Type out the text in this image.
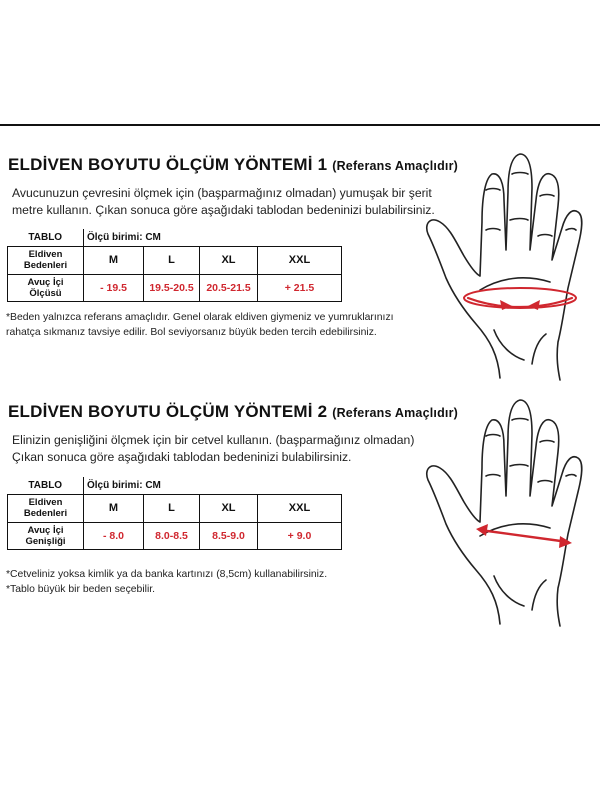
ELDİVEN BOYUTU ÖLÇÜM YÖNTEMİ 1 (Referans Amaçlıdır)
Avucunuzun çevresini ölçmek için (başparmağınız olmadan) yumuşak bir şerit
metre kullanın. Çıkan sonuca göre aşağıdaki tablodan bedeninizi bulabilirsiniz.
TABLO	Ölçü birimi: CM			
Eldiven
Bedenleri	M	L	XL	XXL
Avuç İçi
Ölçüsü	- 19.5	19.5-20.5	20.5-21.5	+ 21.5
*Beden yalnızca referans amaçlıdır. Genel olarak eldiven giymeniz ve yumruklarınızı
rahatça sıkmanız tavsiye edilir. Bol seviyorsanız büyük beden tercih edebilirsiniz.
ELDİVEN BOYUTU ÖLÇÜM YÖNTEMİ 2 (Referans Amaçlıdır)
Elinizin genişliğini ölçmek için bir cetvel kullanın. (başparmağınız olmadan)
Çıkan sonuca göre aşağıdaki tablodan bedeninizi bulabilirsiniz.
TABLO	Ölçü birimi: CM			
Eldiven
Bedenleri	M	L	XL	XXL
Avuç İçi
Genişliği	- 8.0	8.0-8.5	8.5-9.0	+ 9.0
*Cetveliniz yoksa kimlik ya da banka kartınızı (8,5cm) kullanabilirsiniz.
*Tablo büyük bir beden seçebilir.
